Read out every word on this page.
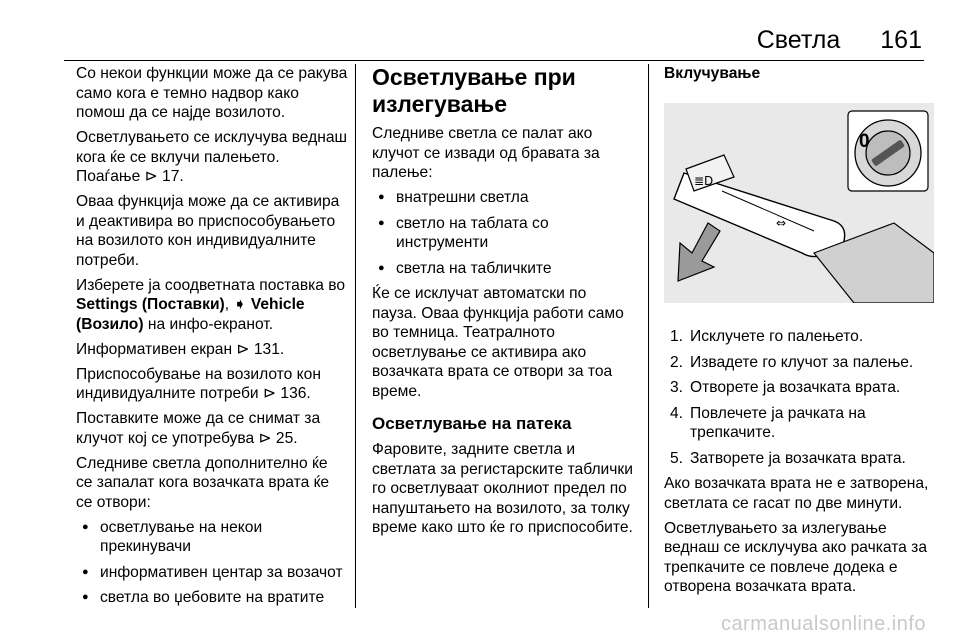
Светла 161

Со некои функции може да се ракува само кога е темно надвор како помош да се најде возилото.

Осветлувањето се исклучува веднаш кога ќе се вклучи палењето. Поаѓање ⊳ 17.

Оваа функција може да се активира и деактивира во приспособувањето на возилото кон индивидуалните потреби.

Изберете ја соодветната поставка во Settings (Поставки), ➧ Vehicle (Возило) на инфо-екранот.

Информативен екран ⊳ 131.

Приспособување на возилото кон индивидуалните потреби ⊳ 136.

Поставките може да се снимат за клучот кој се употребува ⊳ 25.

Следниве светла дополнително ќе се запалат кога возачката врата ќе се отвори:

● осветлување на некои прекинувачи
● информативен центар за возачот
● светла во џебовите на вратите
Осветлување при излегување

Следниве светла се палат ако клучот се извади од бравата за палење:

● внатрешни светла
● светло на таблата со инструменти
● светла на табличките

Ќе се исклучат автоматски по пауза. Оваа функција работи само во темница. Театралното осветлување се активира ако возачката врата се отвори за тоа време.

Осветлување на патека

Фаровите, задните светла и светлата за регистарските таблички го осветлуваат околниот предел по напуштањето на возилото, за толку време како што ќе го приспособите.

Вклучување
0
≣D
⇔
1. Исклучете го палењето.
2. Извадете го клучот за палење.
3. Отворете ја возачката врата.
4. Повлечете ја рачката на трепкачите.
5. Затворете ја возачката врата.

Ако возачката врата не е затворена, светлата се гасат по две минути.

Осветлувањето за излегување веднаш се исклучува ако рачката за трепкачите се повлече додека е отворена возачката врата.

carmanualsonline.info
